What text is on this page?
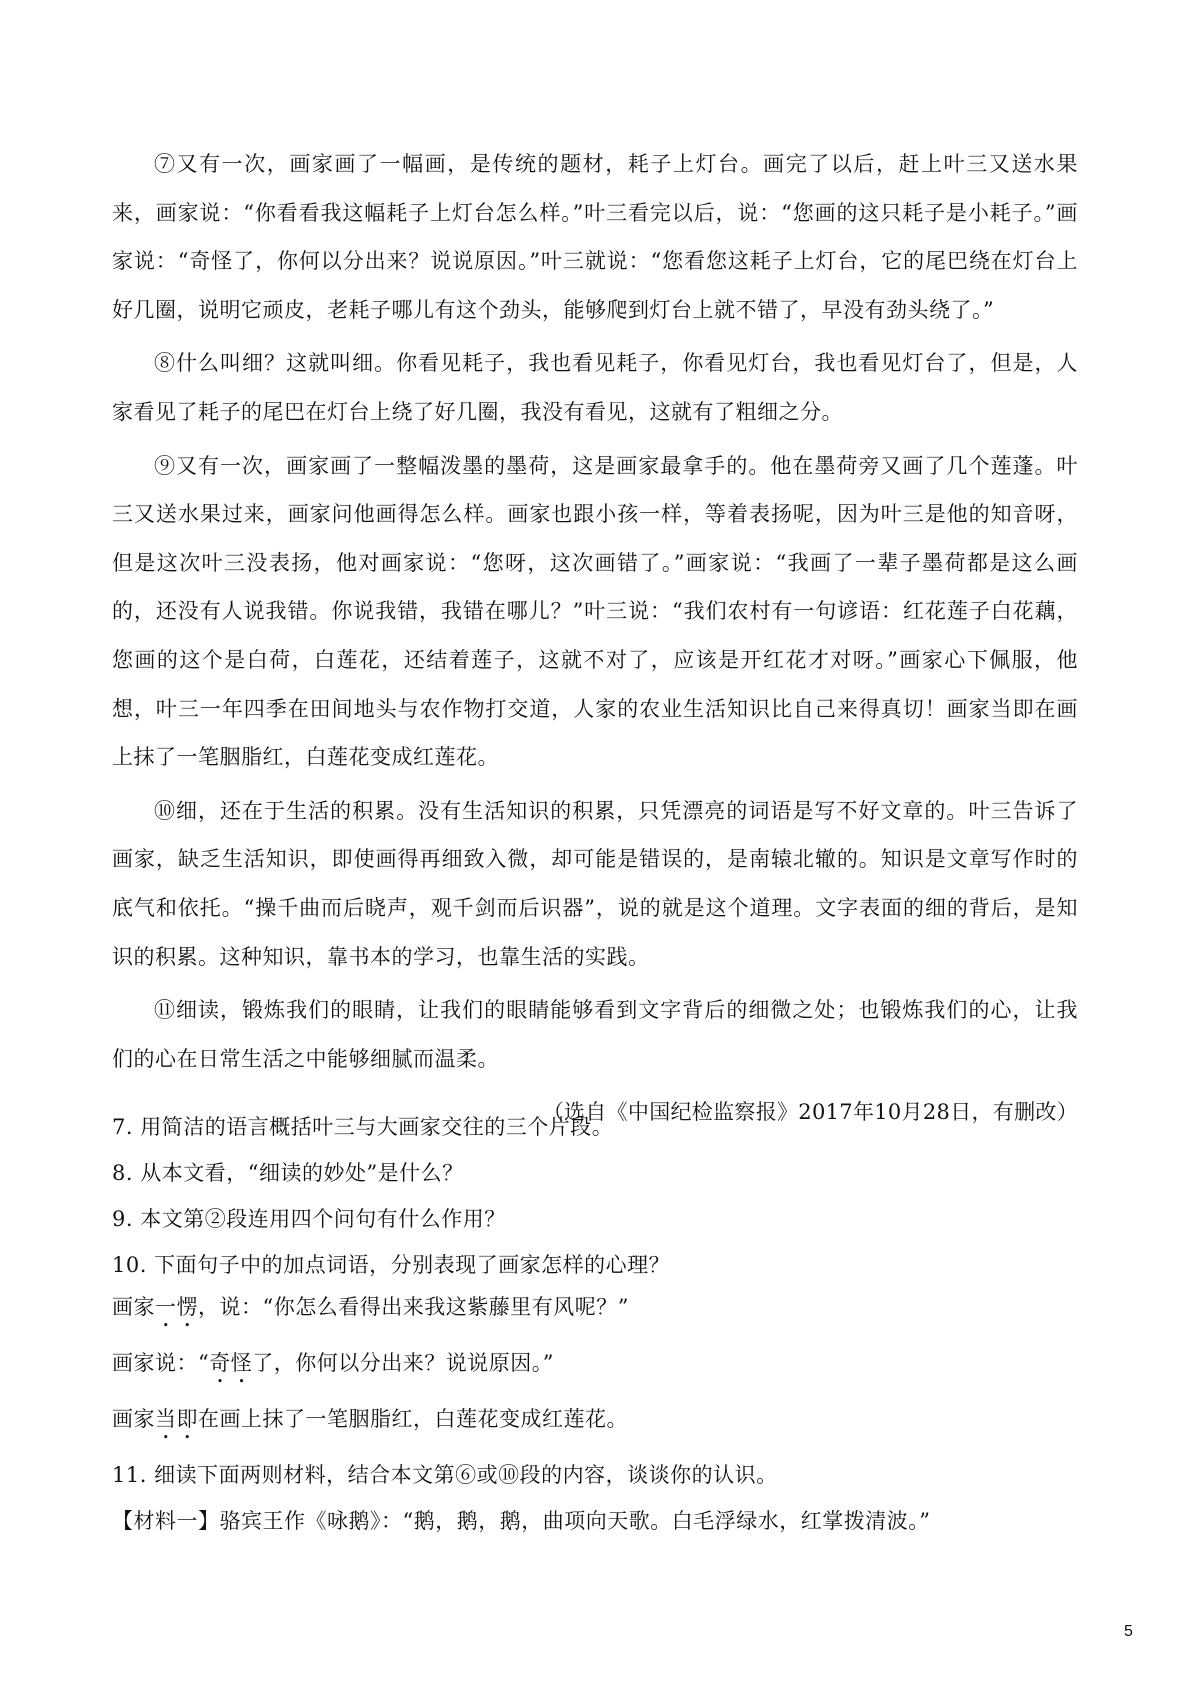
⑦又有一次，画家画了一幅画，是传统的题材，耗子上灯台。画完了以后，赶上叶三又送水果来，画家说：“你看看我这幅耗子上灯台怎么样。”叶三看完以后，说：“您画的这只耗子是小耗子。”画家说：“奇怪了，你何以分出来？说说原因。”叶三就说：“您看您这耗子上灯台，它的尾巴绕在灯台上好几圈，说明它顽皮，老耗子哪儿有这个劲头，能够爬到灯台上就不错了，早没有劲头绕了。”

⑧什么叫细？这就叫细。你看见耗子，我也看见耗子，你看见灯台，我也看见灯台了，但是，人家看见了耗子的尾巴在灯台上绕了好几圈，我没有看见，这就有了粗细之分。

⑨又有一次，画家画了一整幅泼墨的墨荷，这是画家最拿手的。他在墨荷旁又画了几个莲蓬。叶三又送水果过来，画家问他画得怎么样。画家也跟小孩一样，等着表扬呢，因为叶三是他的知音呀，但是这次叶三没表扬，他对画家说：“您呀，这次画错了。”画家说：“我画了一辈子墨荷都是这么画的，还没有人说我错。你说我错，我错在哪儿？”叶三说：“我们农村有一句谚语：红花莲子白花藕，您画的这个是白荷，白莲花，还结着莲子，这就不对了，应该是开红花才对呀。”画家心下佩服，他想，叶三一年四季在田间地头与农作物打交道，人家的农业生活知识比自己来得真切！画家当即在画上抹了一笔胭脂红，白莲花变成红莲花。

⑩细，还在于生活的积累。没有生活知识的积累，只凭漂亮的词语是写不好文章的。叶三告诉了画家，缺乏生活知识，即使画得再细致入微，却可能是错误的，是南辕北辙的。知识是文章写作时的底气和依托。“操千曲而后晓声，观千剑而后识器”，说的就是这个道理。文字表面的细的背后，是知识的积累。这种知识，靠书本的学习，也靠生活的实践。

⑪细读，锻炼我们的眼睛，让我们的眼睛能够看到文字背后的细微之处；也锻炼我们的心，让我们的心在日常生活之中能够细腻而温柔。

（选自《中国纪检监察报》2017年10月28日，有删改）

7. 用简洁的语言概括叶三与大画家交往的三个片段。

8. 从本文看，“细读的妙处”是什么？

9. 本文第②段连用四个问句有什么作用？

10. 下面句子中的加点词语，分别表现了画家怎样的心理？

画家一愣，说：“你怎么看得出来我这紫藤里有风呢？”

画家说：“奇怪了，你何以分出来？说说原因。”

画家当即在画上抹了一笔胭脂红，白莲花变成红莲花。

11. 细读下面两则材料，结合本文第⑥或⑩段的内容，谈谈你的认识。

【材料一】骆宾王作《咏鹅》：“鹅，鹅，鹅，曲项向天歌。白毛浮绿水，红掌拨清波。”

5
